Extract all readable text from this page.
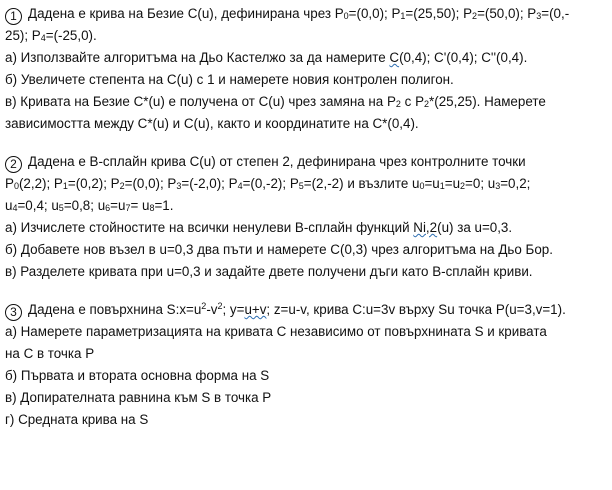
1 Дадена е крива на Безие C(u), дефинирана чрез $P_0=(0,0)$; $P_1=(25,50)$; $P_2=(50,0)$; $P_3=(0,-$
25); $P_4=(-25,0)$.
а) Използвайте алгоритъма на Дьо Кастелжо за да намерите C(0,4); C'(0,4); C''(0,4).
б) Увеличете степента на C(u) с 1 и намерете новия контролен полигон.
в) Кривата на Безие C*(u) е получена от C(u) чрез замяна на $P_2$ с $P_2*(25,25)$. Намерете
зависимостта между C*(u) и C(u), както и координатите на C*(0,4).
2 Дадена е B-сплайн крива C(u) от степен 2, дефинирана чрез контролните точки
$P_0(2,2)$; $P_1=(0,2)$; $P_2=(0,0)$; $P_3=(-2,0)$; $P_4=(0,-2)$; $P_5=(2,-2)$ и възлите $u_0=u_1=u_2=0$; $u_3=0,2$;
$u_4=0,4$; $u_5=0,8$; $u_6=u_7= u_8=1$.
а) Изчислете стойностите на всички ненулеви B-сплайн функций Ni,2(u) за u=0,3.
б) Добавете нов възел в u=0,3 два пъти и намерете C(0,3) чрез алгоритъма на Дьо Бор.
в) Разделете кривата при u=0,3 и задайте двете получени дъги като B-сплайн криви.
3 Дадена е повърхнина $S:x=u^2-v^2$; y=u+v; z=u-v, крива C:u=3v върху Su точка P(u=3,v=1).
а) Намерете параметризацията на кривата C независимо от повърхнината S и кривата
на C в точка P
б) Първата и втората основна форма на S
в) Допирателната равнина към S в точка P
г) Средната крива на S
